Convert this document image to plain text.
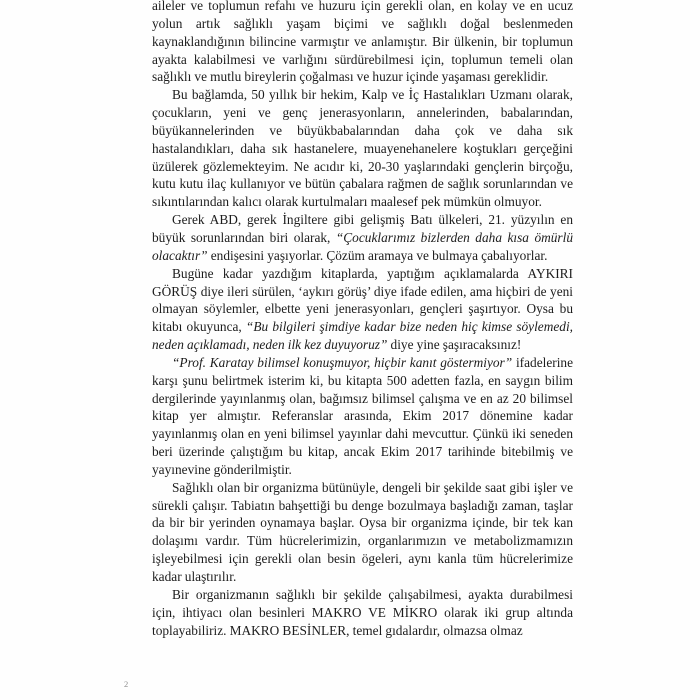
aileler ve toplumun refahı ve huzuru için gerekli olan, en kolay ve en ucuz yolun artık sağlıklı yaşam biçimi ve sağlıklı doğal beslenmeden kaynaklandığının bilincine varmıştır ve anlamıştır. Bir ülkenin, bir toplumun ayakta kalabilmesi ve varlığını sürdürebilmesi için, toplumun temeli olan sağlıklı ve mutlu bireylerin çoğalması ve huzur içinde yaşaması gereklidir.

Bu bağlamda, 50 yıllık bir hekim, Kalp ve İç Hastalıkları Uzmanı olarak, çocukların, yeni ve genç jenerasyonların, annelerinden, babalarından, büyükannelerinden ve büyükbabalarından daha çok ve daha sık hastalandıkları, daha sık hastanelere, muayenehanelere koştukları gerçeğini üzülerek gözlemekteyim. Ne acıdır ki, 20-30 yaşlarındaki gençlerin birçoğu, kutu kutu ilaç kullanıyor ve bütün çabalara rağmen de sağlık sorunlarından ve sıkıntılarından kalıcı olarak kurtulmaları maalesef pek mümkün olmuyor.

Gerek ABD, gerek İngiltere gibi gelişmiş Batı ülkeleri, 21. yüzyılın en büyük sorunlarından biri olarak, “Çocuklarımız bizlerden daha kısa ömürlü olacaktır” endişesini yaşıyorlar. Çözüm aramaya ve bulmaya çabalıyorlar.

Bugüne kadar yazdığım kitaplarda, yaptığım açıklamalarda AYKIRI GÖRÜŞ diye ileri sürülen, ‘aykırı görüş’ diye ifade edilen, ama hiçbiri de yeni olmayan söylemler, elbette yeni jenerasyonları, gençleri şaşırtıyor. Oysa bu kitabı okuyunca, “Bu bilgileri şimdiye kadar bize neden hiç kimse söylemedi, neden açıklamadı, neden ilk kez duyuyoruz” diye yine şaşıracaksınız!

“Prof. Karatay bilimsel konuşmuyor, hiçbir kanıt göstermiyor” ifadelerine karşı şunu belirtmek isterim ki, bu kitapta 500 adetten fazla, en saygın bilim dergilerinde yayınlanmış olan, bağımsız bilimsel çalışma ve en az 20 bilimsel kitap yer almıştır. Referanslar arasında, Ekim 2017 dönemine kadar yayınlanmış olan en yeni bilimsel yayınlar dahi mevcuttur. Çünkü iki seneden beri üzerinde çalıştığım bu kitap, ancak Ekim 2017 tarihinde bitebilmiş ve yayınevine gönderilmiştir.

Sağlıklı olan bir organizma bütünüyle, dengeli bir şekilde saat gibi işler ve sürekli çalışır. Tabiatın bahşettiği bu denge bozulmaya başladığı zaman, taşlar da bir bir yerinden oynamaya başlar. Oysa bir organizma içinde, bir tek kan dolaşımı vardır. Tüm hücrelerimizin, organlarımızın ve metabolizmamızın işleyebilmesi için gerekli olan besin ögeleri, aynı kanla tüm hücrelerimize kadar ulaştırılır.

Bir organizmanın sağlıklı bir şekilde çalışabilmesi, ayakta durabilmesi için, ihtiyacı olan besinleri MAKRO VE MİKRO olarak iki grup altında toplayabiliriz. MAKRO BESİNLER, temel gıdalardır, olmazsa olmaz

2
